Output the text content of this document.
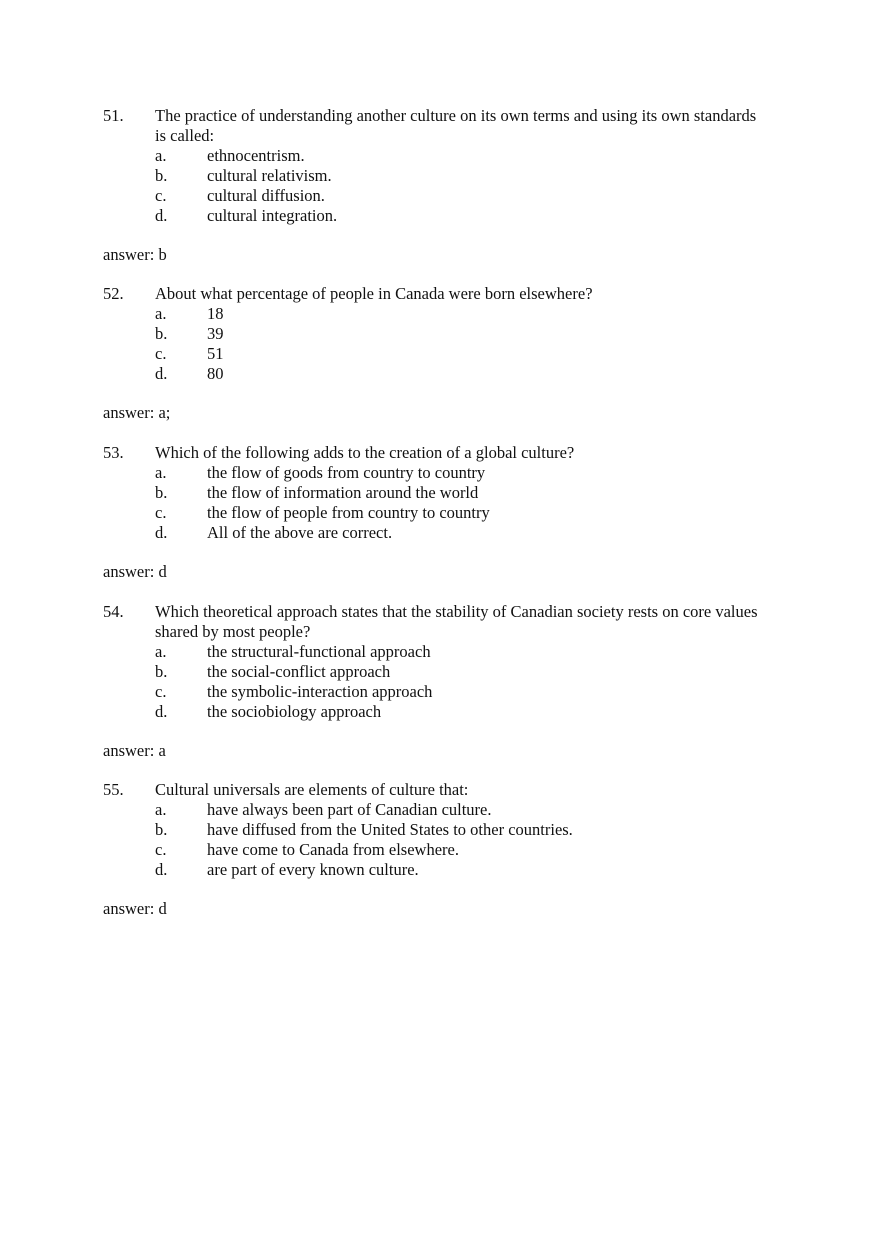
51. The practice of understanding another culture on its own terms and using its own standards is called:
a. ethnocentrism.
b. cultural relativism.
c. cultural diffusion.
d. cultural integration.
answer: b
52. About what percentage of people in Canada were born elsewhere?
a. 18
b. 39
c. 51
d. 80
answer: a;
53. Which of the following adds to the creation of a global culture?
a. the flow of goods from country to country
b. the flow of information around the world
c. the flow of people from country to country
d. All of the above are correct.
answer: d
54. Which theoretical approach states that the stability of Canadian society rests on core values shared by most people?
a. the structural-functional approach
b. the social-conflict approach
c. the symbolic-interaction approach
d. the sociobiology approach
answer: a
55. Cultural universals are elements of culture that:
a. have always been part of Canadian culture.
b. have diffused from the United States to other countries.
c. have come to Canada from elsewhere.
d. are part of every known culture.
answer: d
